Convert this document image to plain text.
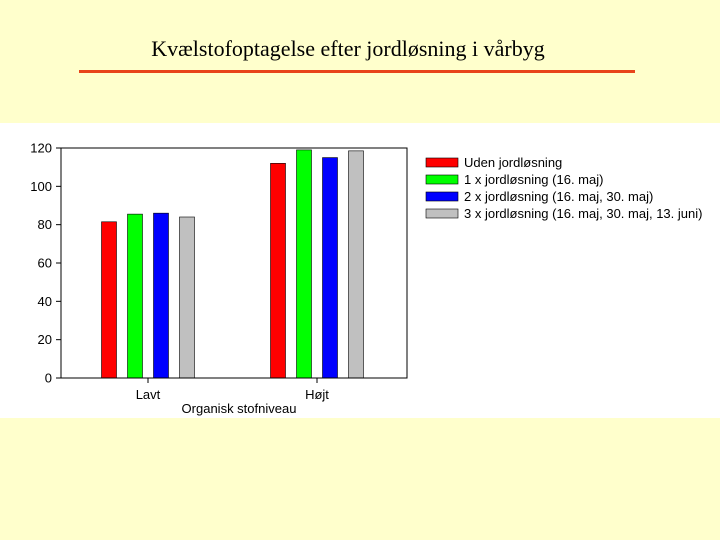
Kvælstofoptagelse efter jordløsning i vårbyg
0
20
40
60
80
100
120
Lavt	Højt
Organisk stofniveau
Uden jordløsning
1 x jordløsning (16. maj)
2 x jordløsning (16. maj, 30. maj)
3 x jordløsning (16. maj, 30. maj, 13. juni)
